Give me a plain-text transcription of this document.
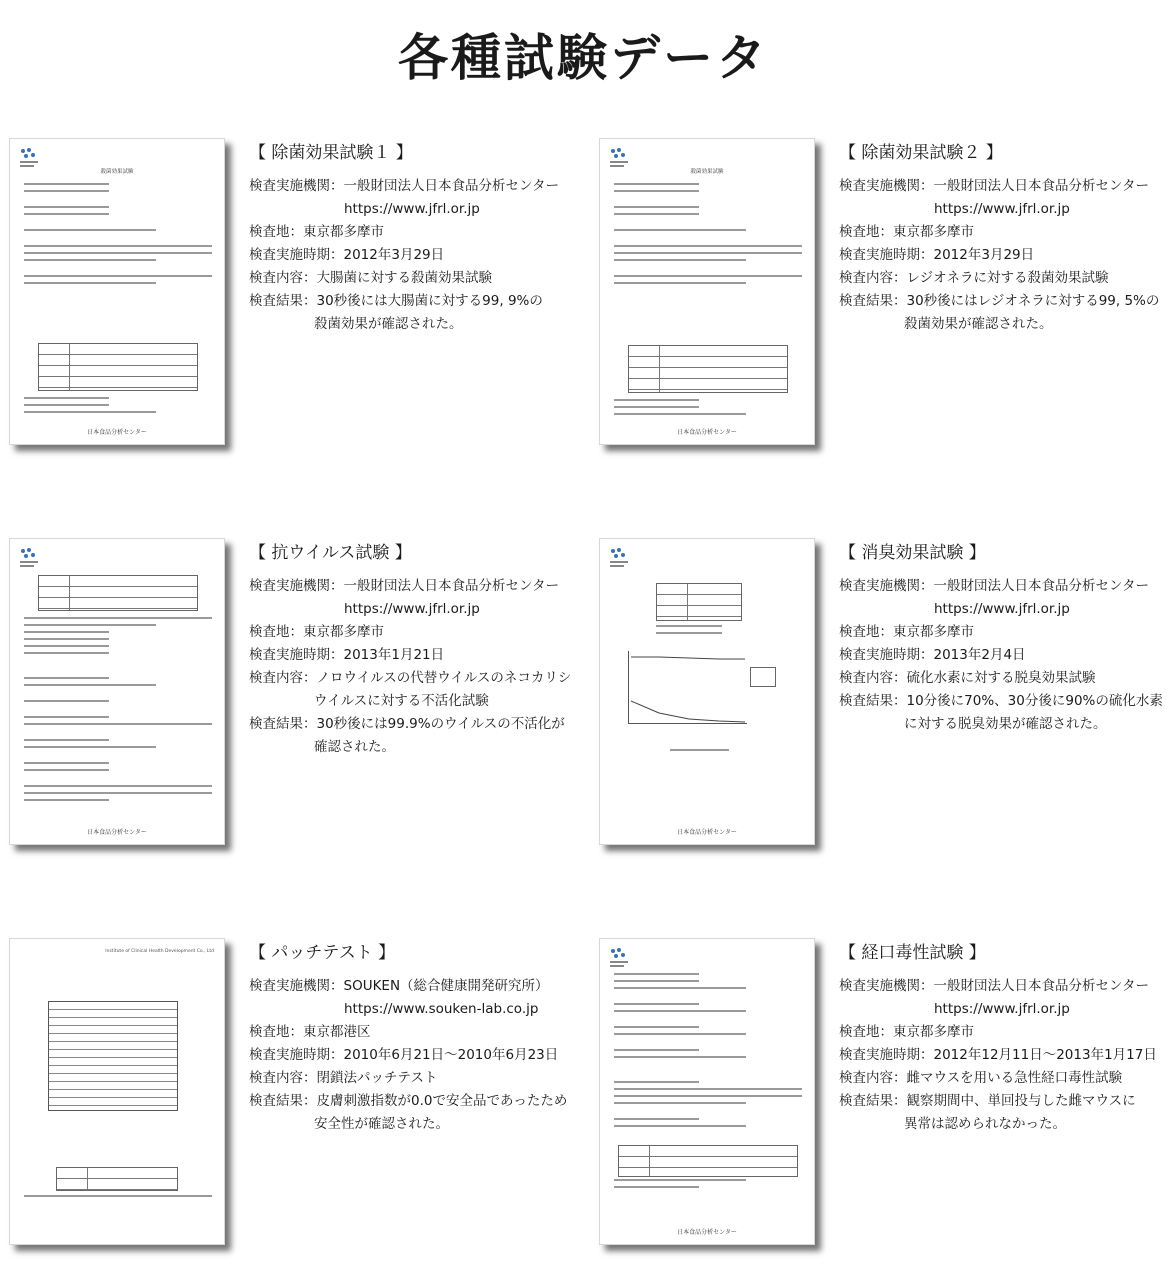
各種試験データ
殺菌効果試験
日本食品分析センター
【 除菌効果試験１ 】
検査実施機関： 一般財団法人日本食品分析センター
https://www.jfrl.or.jp
検査地： 東京都多摩市
検査実施時期： 2012年3月29日
検査内容： 大腸菌に対する殺菌効果試験
検査結果： 30秒後には大腸菌に対する99, 9%の
殺菌効果が確認された。
殺菌効果試験
日本食品分析センター
【 除菌効果試験２ 】
検査実施機関： 一般財団法人日本食品分析センター
https://www.jfrl.or.jp
検査地： 東京都多摩市
検査実施時期： 2012年3月29日
検査内容： レジオネラに対する殺菌効果試験
検査結果： 30秒後にはレジオネラに対する99, 5%の
殺菌効果が確認された。
日本食品分析センター
【 抗ウイルス試験 】
検査実施機関： 一般財団法人日本食品分析センター
https://www.jfrl.or.jp
検査地： 東京都多摩市
検査実施時期： 2013年1月21日
検査内容： ノロウイルスの代替ウイルスのネコカリシ
ウイルスに対する不活化試験
検査結果： 30秒後には99.9%のウイルスの不活化が
確認された。
日本食品分析センター
【 消臭効果試験 】
検査実施機関： 一般財団法人日本食品分析センター
https://www.jfrl.or.jp
検査地： 東京都多摩市
検査実施時期： 2013年2月4日
検査内容： 硫化水素に対する脱臭効果試験
検査結果： 10分後に70%、30分後に90%の硫化水素
に対する脱臭効果が確認された。
Institute of Clinical Health Development Co., Ltd 【 パッチテスト 】
検査実施機関： SOUKEN（総合健康開発研究所）
https://www.souken-lab.co.jp
検査地： 東京都港区
検査実施時期： 2010年6月21日～2010年6月23日
検査内容： 閉鎖法パッチテスト
検査結果： 皮膚刺激指数が0.0で安全品であったため
安全性が確認された。
日本食品分析センター
【 経口毒性試験 】
検査実施機関： 一般財団法人日本食品分析センター
https://www.jfrl.or.jp
検査地： 東京都多摩市
検査実施時期： 2012年12月11日～2013年1月17日
検査内容： 雌マウスを用いる急性経口毒性試験
検査結果： 観察期間中、単回投与した雌マウスに
異常は認められなかった。
